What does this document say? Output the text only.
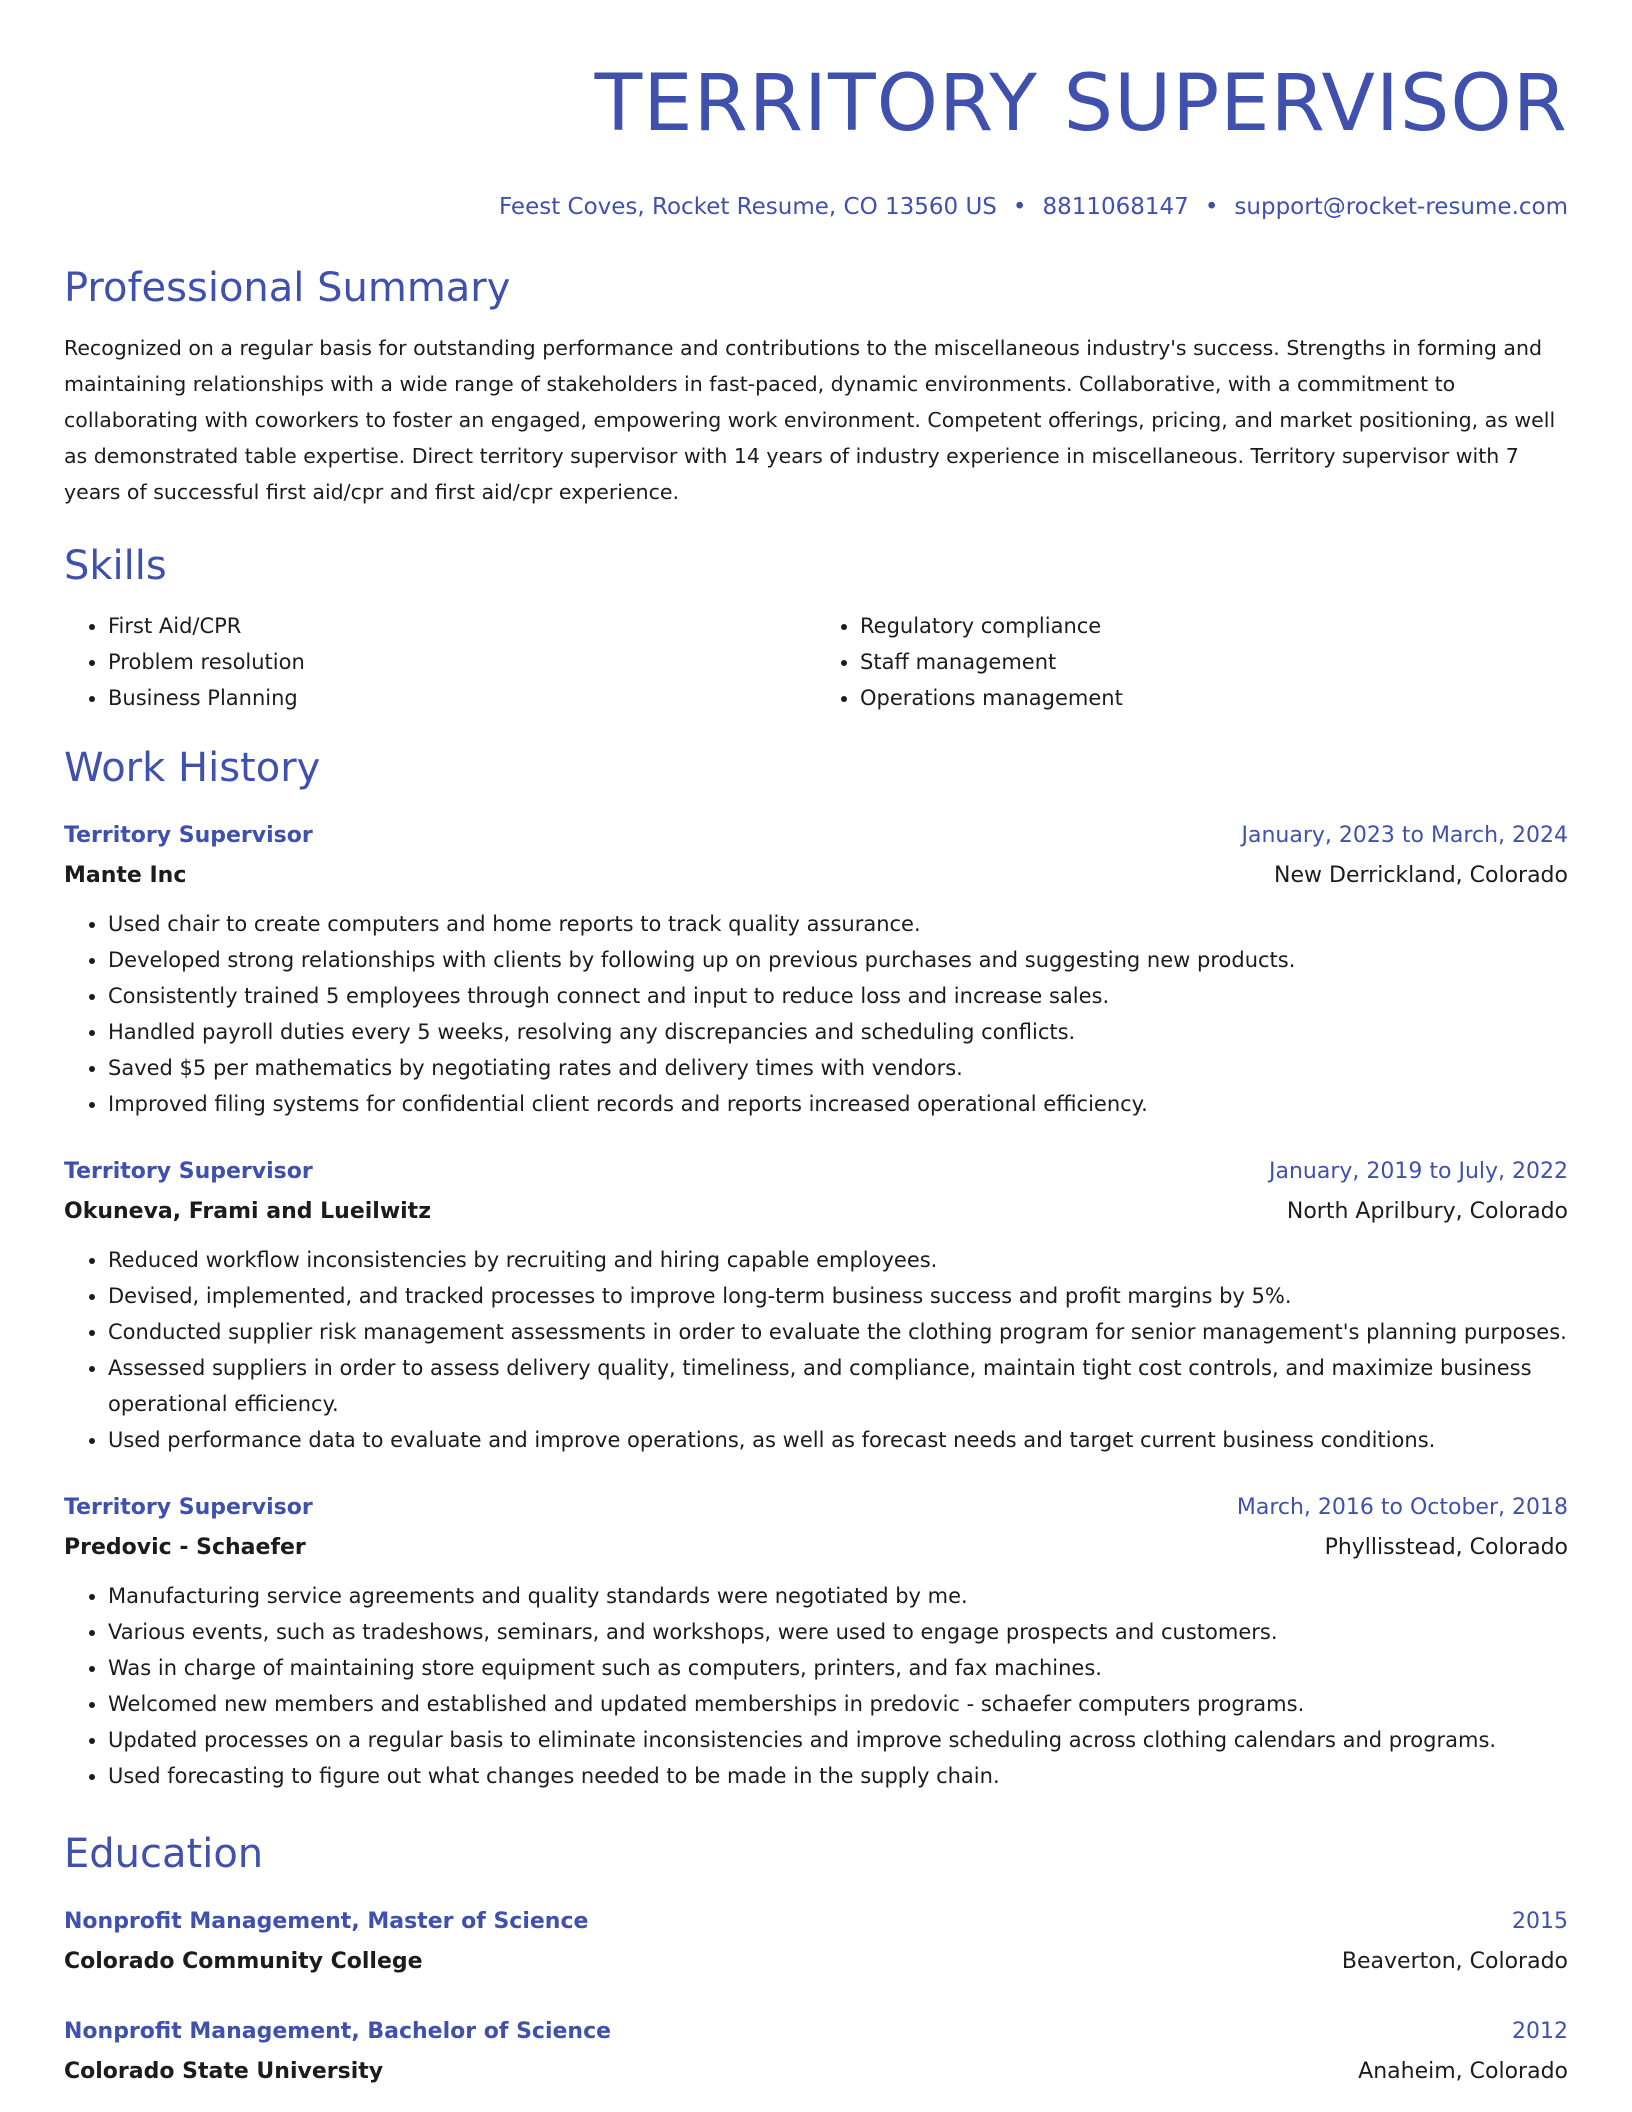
TERRITORY SUPERVISOR
Feest Coves, Rocket Resume, CO 13560 US • 8811068147 • support@rocket-resume.com
Professional Summary
Recognized on a regular basis for outstanding performance and contributions to the miscellaneous industry's success. Strengths in forming and maintaining relationships with a wide range of stakeholders in fast-paced, dynamic environments. Collaborative, with a commitment to collaborating with coworkers to foster an engaged, empowering work environment. Competent offerings, pricing, and market positioning, as well as demonstrated table expertise. Direct territory supervisor with 14 years of industry experience in miscellaneous. Territory supervisor with 7 years of successful first aid/cpr and first aid/cpr experience.
Skills
• First Aid/CPR
• Problem resolution
• Business Planning
• Regulatory compliance
• Staff management
• Operations management
Work History
Territory Supervisor	January, 2023 to March, 2024
Mante Inc	New Derrickland, Colorado
• Used chair to create computers and home reports to track quality assurance.
• Developed strong relationships with clients by following up on previous purchases and suggesting new products.
• Consistently trained 5 employees through connect and input to reduce loss and increase sales.
• Handled payroll duties every 5 weeks, resolving any discrepancies and scheduling conflicts.
• Saved $5 per mathematics by negotiating rates and delivery times with vendors.
• Improved filing systems for confidential client records and reports increased operational efficiency.
Territory Supervisor	January, 2019 to July, 2022
Okuneva, Frami and Lueilwitz	North Aprilbury, Colorado
• Reduced workflow inconsistencies by recruiting and hiring capable employees.
• Devised, implemented, and tracked processes to improve long-term business success and profit margins by 5%.
• Conducted supplier risk management assessments in order to evaluate the clothing program for senior management's planning purposes.
• Assessed suppliers in order to assess delivery quality, timeliness, and compliance, maintain tight cost controls, and maximize business operational efficiency.
• Used performance data to evaluate and improve operations, as well as forecast needs and target current business conditions.
Territory Supervisor	March, 2016 to October, 2018
Predovic - Schaefer	Phyllisstead, Colorado
• Manufacturing service agreements and quality standards were negotiated by me.
• Various events, such as tradeshows, seminars, and workshops, were used to engage prospects and customers.
• Was in charge of maintaining store equipment such as computers, printers, and fax machines.
• Welcomed new members and established and updated memberships in predovic - schaefer computers programs.
• Updated processes on a regular basis to eliminate inconsistencies and improve scheduling across clothing calendars and programs.
• Used forecasting to figure out what changes needed to be made in the supply chain.
Education
Nonprofit Management, Master of Science	2015
Colorado Community College	Beaverton, Colorado
Nonprofit Management, Bachelor of Science	2012
Colorado State University	Anaheim, Colorado
